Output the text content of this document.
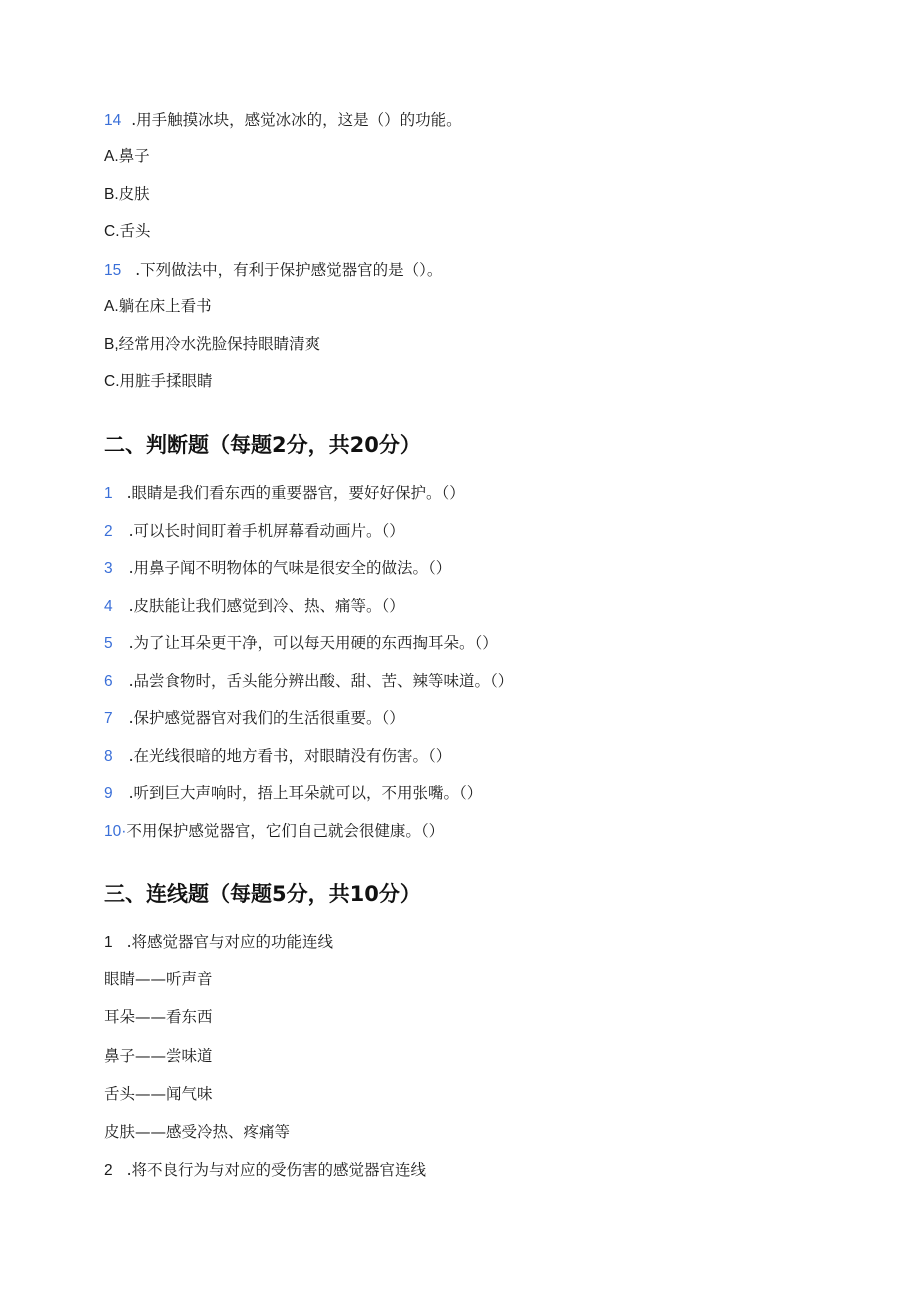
14 .用手触摸冰块，感觉冰冰的，这是（）的功能。
A.鼻子
B.皮肤
C.舌头
15 .下列做法中，有利于保护感觉器官的是（）。
A.躺在床上看书
B,经常用冷水洗脸保持眼睛清爽
C.用脏手揉眼睛
二、判断题（每题2分，共20分）
1 .眼睛是我们看东西的重要器官，要好好保护。（）
2 .可以长时间盯着手机屏幕看动画片。（）
3 .用鼻子闻不明物体的气味是很安全的做法。（）
4 .皮肤能让我们感觉到冷、热、痛等。（）
5 .为了让耳朵更干净，可以每天用硬的东西掏耳朵。（）
6 .品尝食物时，舌头能分辨出酸、甜、苦、辣等味道。（）
7 .保护感觉器官对我们的生活很重要。（）
8 .在光线很暗的地方看书，对眼睛没有伤害。（）
9 .听到巨大声响时，捂上耳朵就可以，不用张嘴。（）
10·不用保护感觉器官，它们自己就会很健康。（）
三、连线题（每题5分，共10分）
1 .将感觉器官与对应的功能连线
眼睛——听声音
耳朵——看东西
鼻子——尝味道
舌头——闻气味
皮肤——感受冷热、疼痛等
2 .将不良行为与对应的受伤害的感觉器官连线
